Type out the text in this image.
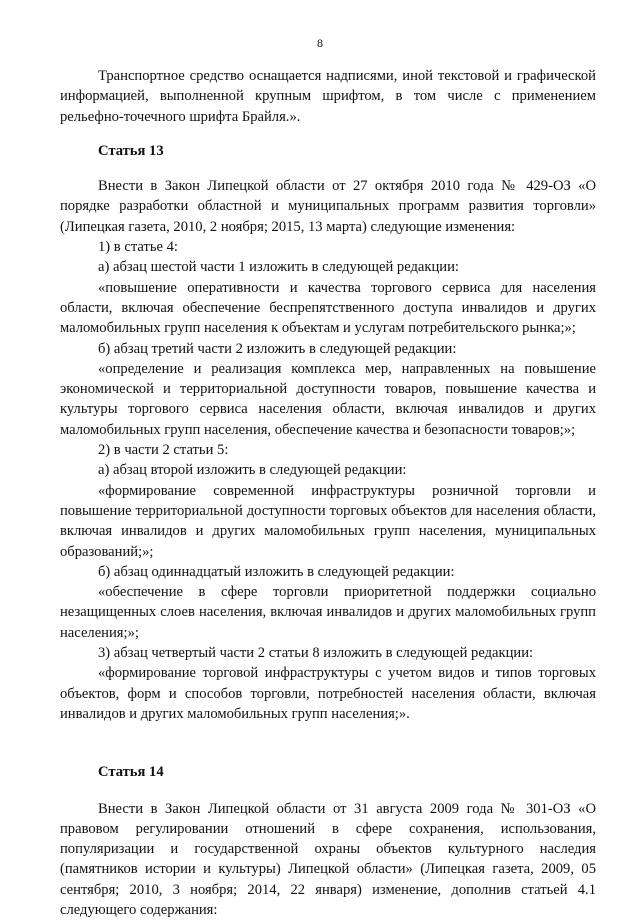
8

Транспортное средство оснащается надписями, иной текстовой и графической информацией, выполненной крупным шрифтом, в том числе с применением рельефно-точечного шрифта Брайля.».

Статья 13

Внести в Закон Липецкой области от 27 октября 2010 года № 429-ОЗ «О порядке разработки областной и муниципальных программ развития торговли» (Липецкая газета, 2010, 2 ноября; 2015, 13 марта) следующие изменения:

1) в статье 4:

а) абзац шестой части 1 изложить в следующей редакции:

«повышение оперативности и качества торгового сервиса для населения области, включая обеспечение беспрепятственного доступа инвалидов и других маломобильных групп населения к объектам и услугам потребительского рынка;»;

б) абзац третий части 2 изложить в следующей редакции:

«определение и реализация комплекса мер, направленных на повышение экономической и территориальной доступности товаров, повышение качества и культуры торгового сервиса населения области, включая инвалидов и других маломобильных групп населения, обеспечение качества и безопасности товаров;»;

2) в части 2 статьи 5:

а) абзац второй изложить в следующей редакции:

«формирование современной инфраструктуры розничной торговли и повышение территориальной доступности торговых объектов для населения области, включая инвалидов и других маломобильных групп населения, муниципальных образований;»;

б) абзац одиннадцатый изложить в следующей редакции:

«обеспечение в сфере торговли приоритетной поддержки социально незащищенных слоев населения, включая инвалидов и других маломобильных групп населения;»;

3) абзац четвертый части 2 статьи 8 изложить в следующей редакции:

«формирование торговой инфраструктуры с учетом видов и типов торговых объектов, форм и способов торговли, потребностей населения области, включая инвалидов и других маломобильных групп населения;».

Статья 14

Внести в Закон Липецкой области от 31 августа 2009 года № 301-ОЗ «О правовом регулировании отношений в сфере сохранения, использования, популяризации и государственной охраны объектов культурного наследия (памятников истории и культуры) Липецкой области» (Липецкая газета, 2009, 05 сентября; 2010, 3 ноября; 2014, 22 января) изменение, дополнив статьей 4.1 следующего содержания:
